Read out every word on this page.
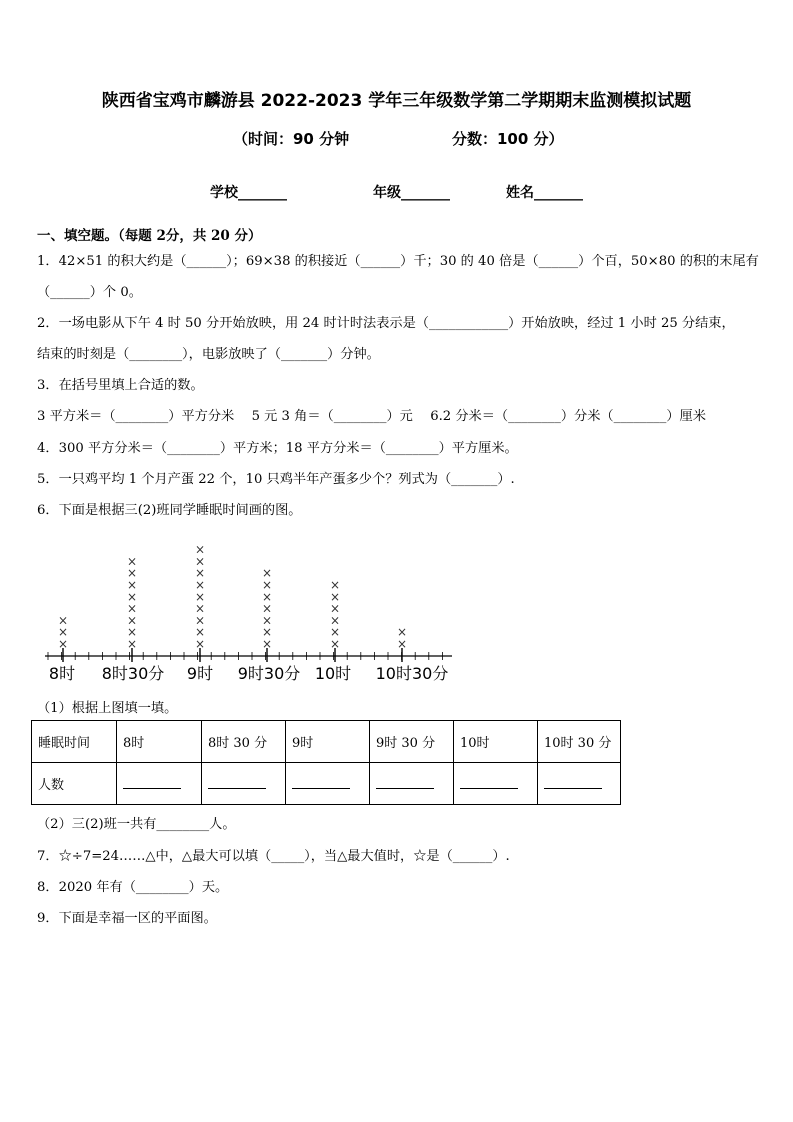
陕西省宝鸡市麟游县 2022-2023 学年三年级数学第二学期期末监测模拟试题
（时间：90 分钟	分数：100 分）
学校_______	年级_______	姓名_______
一、填空题。（每题 2分，共 20 分）
1．42×51 的积大约是（______）；69×38 的积接近（______）千；30 的 40 倍是（______）个百，50×80 的积的末尾有
（______）个 0。
2．一场电影从下午 4 时 50 分开始放映，用 24 时计时法表示是（____________）开始放映，经过 1 小时 25 分结束，
结束的时刻是（________），电影放映了（_______）分钟。
3．在括号里填上合适的数。
3 平方米＝（________）平方分米　 5 元 3 角＝（________）元　 6.2 分米＝（________）分米（________）厘米
4．300 平方分米＝（________）平方米；18 平方分米＝（________）平方厘米。
5．一只鸡平均 1 个月产蛋 22 个，10 只鸡半年产蛋多少个？列式为（_______）.
6．下面是根据三(2)班同学睡眠时间画的图。
×
×
×
×
×
×
×
×
×
×
×
×
×
×
×
×
×
×
×
×
×
×
×
×
×
×
×
×
×
×
×
×
×
×
×
8时 8时30分 9时 9时30分 10时 10时30分
（1）根据上图填一填。
睡眠时间	8时	8时 30 分	9时	9时 30 分	10时	10时 30 分
人数						
（2）三(2)班一共有________人。
7．☆÷7=24……△中，△最大可以填（_____），当△最大值时，☆是（______）.
8．2020 年有（________）天。
9．下面是幸福一区的平面图。
